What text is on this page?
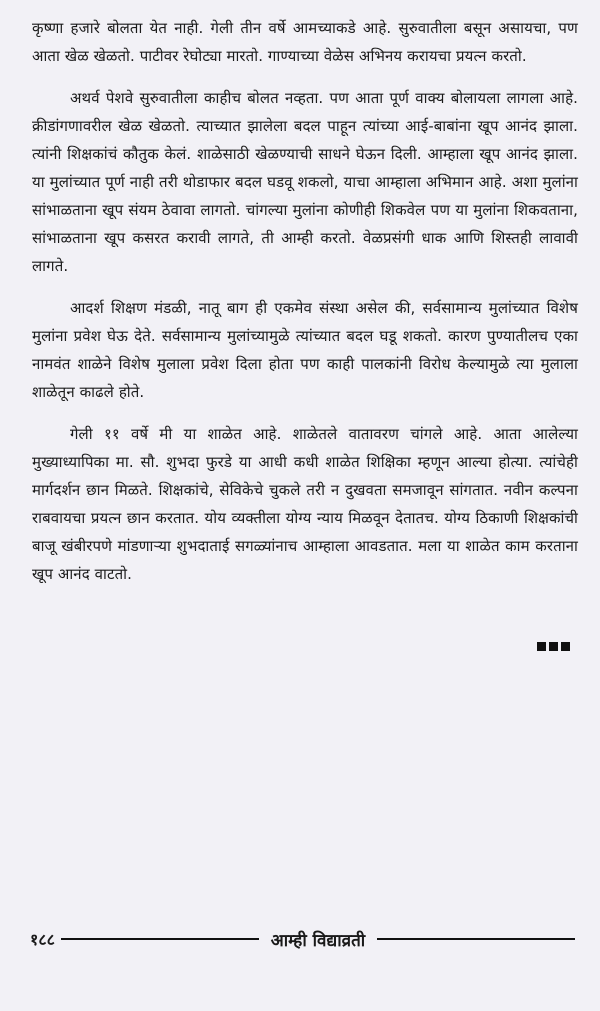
कृष्णा हजारे बोलता येत नाही. गेली तीन वर्षे आमच्याकडे आहे. सुरुवातीला बसून असायचा, पण आता खेळ खेळतो. पाटीवर रेघोट्या मारतो. गाण्याच्या वेळेस अभिनय करायचा प्रयत्न करतो.

अथर्व पेशवे सुरुवातीला काहीच बोलत नव्हता. पण आता पूर्ण वाक्य बोलायला लागला आहे. क्रीडांगणावरील खेळ खेळतो. त्याच्यात झालेला बदल पाहून त्यांच्या आई-बाबांना खूप आनंद झाला. त्यांनी शिक्षकांचं कौतुक केलं. शाळेसाठी खेळण्याची साधने घेऊन दिली. आम्हाला खूप आनंद झाला. या मुलांच्यात पूर्ण नाही तरी थोडाफार बदल घडवू शकलो, याचा आम्हाला अभिमान आहे. अशा मुलांना सांभाळताना खूप संयम ठेवावा लागतो. चांगल्या मुलांना कोणीही शिकवेल पण या मुलांना शिकवताना, सांभाळताना खूप कसरत करावी लागते, ती आम्ही करतो. वेळप्रसंगी धाक आणि शिस्तही लावावी लागते.

आदर्श शिक्षण मंडळी, नातू बाग ही एकमेव संस्था असेल की, सर्वसामान्य मुलांच्यात विशेष मुलांना प्रवेश घेऊ देते. सर्वसामान्य मुलांच्यामुळे त्यांच्यात बदल घडू शकतो. कारण पुण्यातीलच एका नामवंत शाळेने विशेष मुलाला प्रवेश दिला होता पण काही पालकांनी विरोध केल्यामुळे त्या मुलाला शाळेतून काढले होते.

गेली ११ वर्षे मी या शाळेत आहे. शाळेतले वातावरण चांगले आहे. आता आलेल्या मुख्याध्यापिका मा. सौ. शुभदा फुरडे या आधी कधी शाळेत शिक्षिका म्हणून आल्या होत्या. त्यांचेही मार्गदर्शन छान मिळते. शिक्षकांचे, सेविकेचे चुकले तरी न दुखवता समजावून सांगतात. नवीन कल्पना राबवायचा प्रयत्न छान करतात. योय व्यक्तीला योग्य न्याय मिळवून देतातच. योग्य ठिकाणी शिक्षकांची बाजू खंबीरपणे मांडणाऱ्या शुभदाताई सगळ्यांनाच आम्हाला आवडतात. मला या शाळेत काम करताना खूप आनंद वाटतो.

१८८	आम्ही विद्याव्रती
